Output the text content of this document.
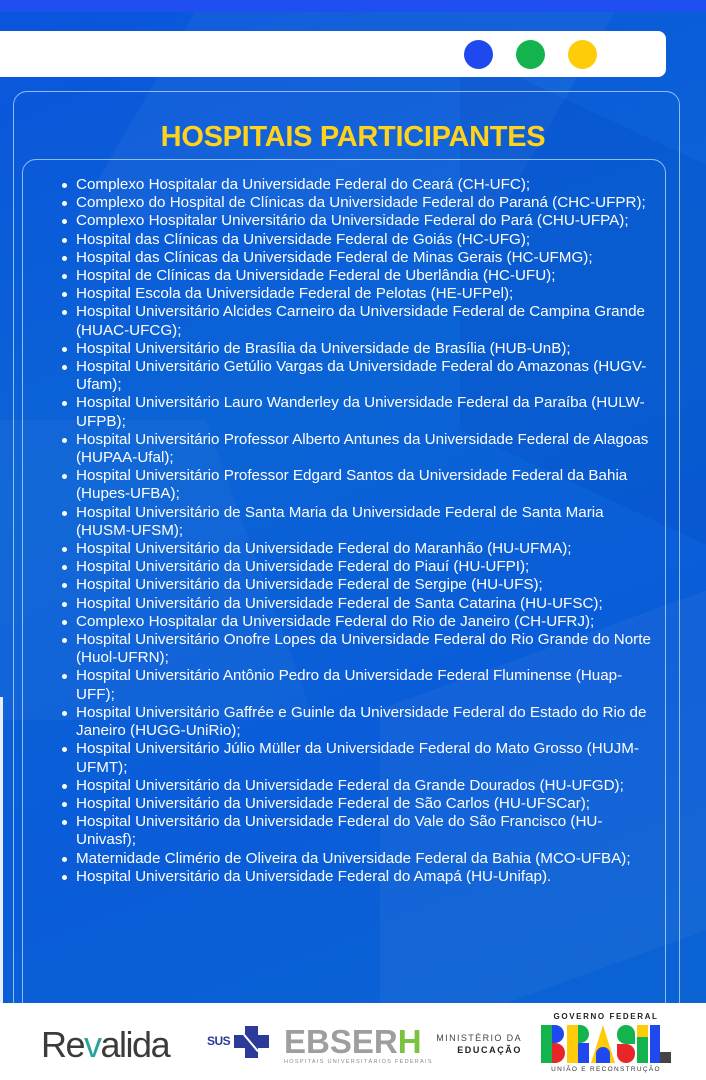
HOSPITAIS PARTICIPANTES
Complexo Hospitalar da Universidade Federal do Ceará (CH-UFC);
Complexo do Hospital de Clínicas da Universidade Federal do Paraná (CHC-UFPR);
Complexo Hospitalar Universitário da Universidade Federal do Pará (CHU-UFPA);
Hospital das Clínicas da Universidade Federal de Goiás (HC-UFG);
Hospital das Clínicas da Universidade Federal de Minas Gerais (HC-UFMG);
Hospital de Clínicas da Universidade Federal de Uberlândia (HC-UFU);
Hospital Escola da Universidade Federal de Pelotas (HE-UFPel);
Hospital Universitário Alcides Carneiro da Universidade Federal de Campina Grande (HUAC-UFCG);
Hospital Universitário de Brasília da Universidade de Brasília (HUB-UnB);
Hospital Universitário Getúlio Vargas da Universidade Federal do Amazonas (HUGV-Ufam);
Hospital Universitário Lauro Wanderley da Universidade Federal da Paraíba (HULW-UFPB);
Hospital Universitário Professor Alberto Antunes da Universidade Federal de Alagoas (HUPAA-Ufal);
Hospital Universitário Professor Edgard Santos da Universidade Federal da Bahia (Hupes-UFBA);
Hospital Universitário de Santa Maria da Universidade Federal de Santa Maria (HUSM-UFSM);
Hospital Universitário da Universidade Federal do Maranhão (HU-UFMA);
Hospital Universitário da Universidade Federal do Piauí (HU-UFPI);
Hospital Universitário da Universidade Federal de Sergipe (HU-UFS);
Hospital Universitário da Universidade Federal de Santa Catarina (HU-UFSC);
Complexo Hospitalar da Universidade Federal do Rio de Janeiro (CH-UFRJ);
Hospital Universitário Onofre Lopes da Universidade Federal do Rio Grande do Norte (Huol-UFRN);
Hospital Universitário Antônio Pedro da Universidade Federal Fluminense (Huap-UFF);
Hospital Universitário Gaffrée e Guinle da Universidade Federal do Estado do Rio de Janeiro (HUGG-UniRio);
Hospital Universitário Júlio Müller da Universidade Federal do Mato Grosso (HUJM-UFMT);
Hospital Universitário da Universidade Federal da Grande Dourados (HU-UFGD);
Hospital Universitário da Universidade Federal de São Carlos (HU-UFSCar);
Hospital Universitário da Universidade Federal do Vale do São Francisco (HU-Univasf);
Maternidade Climério de Oliveira da Universidade Federal da Bahia (MCO-UFBA);
Hospital Universitário da Universidade Federal do Amapá (HU-Unifap).
Revalida	SUS EBSERH
HOSPITAIS UNIVERSITÁRIOS FEDERAIS
MINISTÉRIO DA
EDUCAÇÃO
GOVERNO FEDERAL
UNIÃO E RECONSTRUÇÃO
